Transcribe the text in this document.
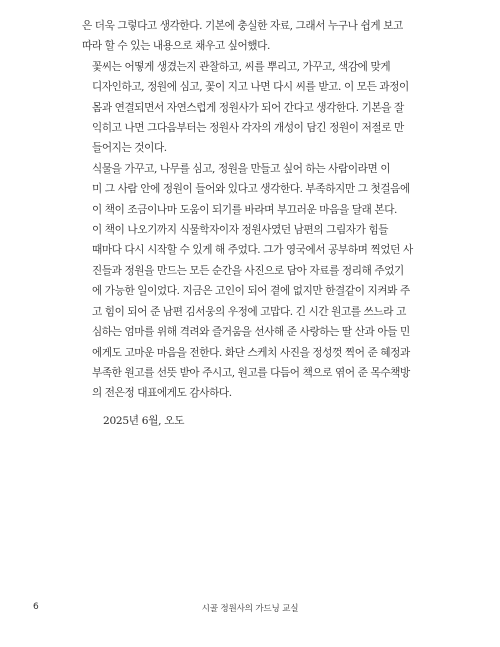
은 더욱 그렇다고 생각한다. 기본에 충실한 자료, 그래서 누구나 쉽게 보고
따라 할 수 있는 내용으로 채우고 싶어했다.

꽃씨는 어떻게 생겼는지 관찰하고, 씨를 뿌리고, 가꾸고, 색감에 맞게
디자인하고, 정원에 심고, 꽃이 지고 나면 다시 씨를 받고. 이 모든 과정이
몸과 연결되면서 자연스럽게 정원사가 되어 간다고 생각한다. 기본을 잘
익히고 나면 그다음부터는 정원사 각자의 개성이 담긴 정원이 저절로 만
들어지는 것이다.

식물을 가꾸고, 나무를 심고, 정원을 만들고 싶어 하는 사람이라면 이
미 그 사람 안에 정원이 들어와 있다고 생각한다. 부족하지만 그 첫걸음에
이 책이 조금이나마 도움이 되기를 바라며 부끄러운 마음을 달래 본다.

이 책이 나오기까지 식물학자이자 정원사였던 남편의 그림자가 힘들
때마다 다시 시작할 수 있게 해 주었다. 그가 영국에서 공부하며 찍었던 사
진들과 정원을 만드는 모든 순간을 사진으로 담아 자료를 정리해 주었기
에 가능한 일이었다. 지금은 고인이 되어 곁에 없지만 한결같이 지켜봐 주
고 힘이 되어 준 남편 김서웅의 우정에 고맙다. 긴 시간 원고를 쓰느라 고
심하는 엄마를 위해 격려와 즐거움을 선사해 준 사랑하는 딸 산과 아들 민
에게도 고마운 마음을 전한다. 화단 스케치 사진을 정성껏 찍어 준 혜정과
부족한 원고를 선뜻 받아 주시고, 원고를 다듬어 책으로 엮어 준 목수책방
의 전은정 대표에게도 감사하다.

2025년 6월, 오도
6	시골 정원사의 가드닝 교실
